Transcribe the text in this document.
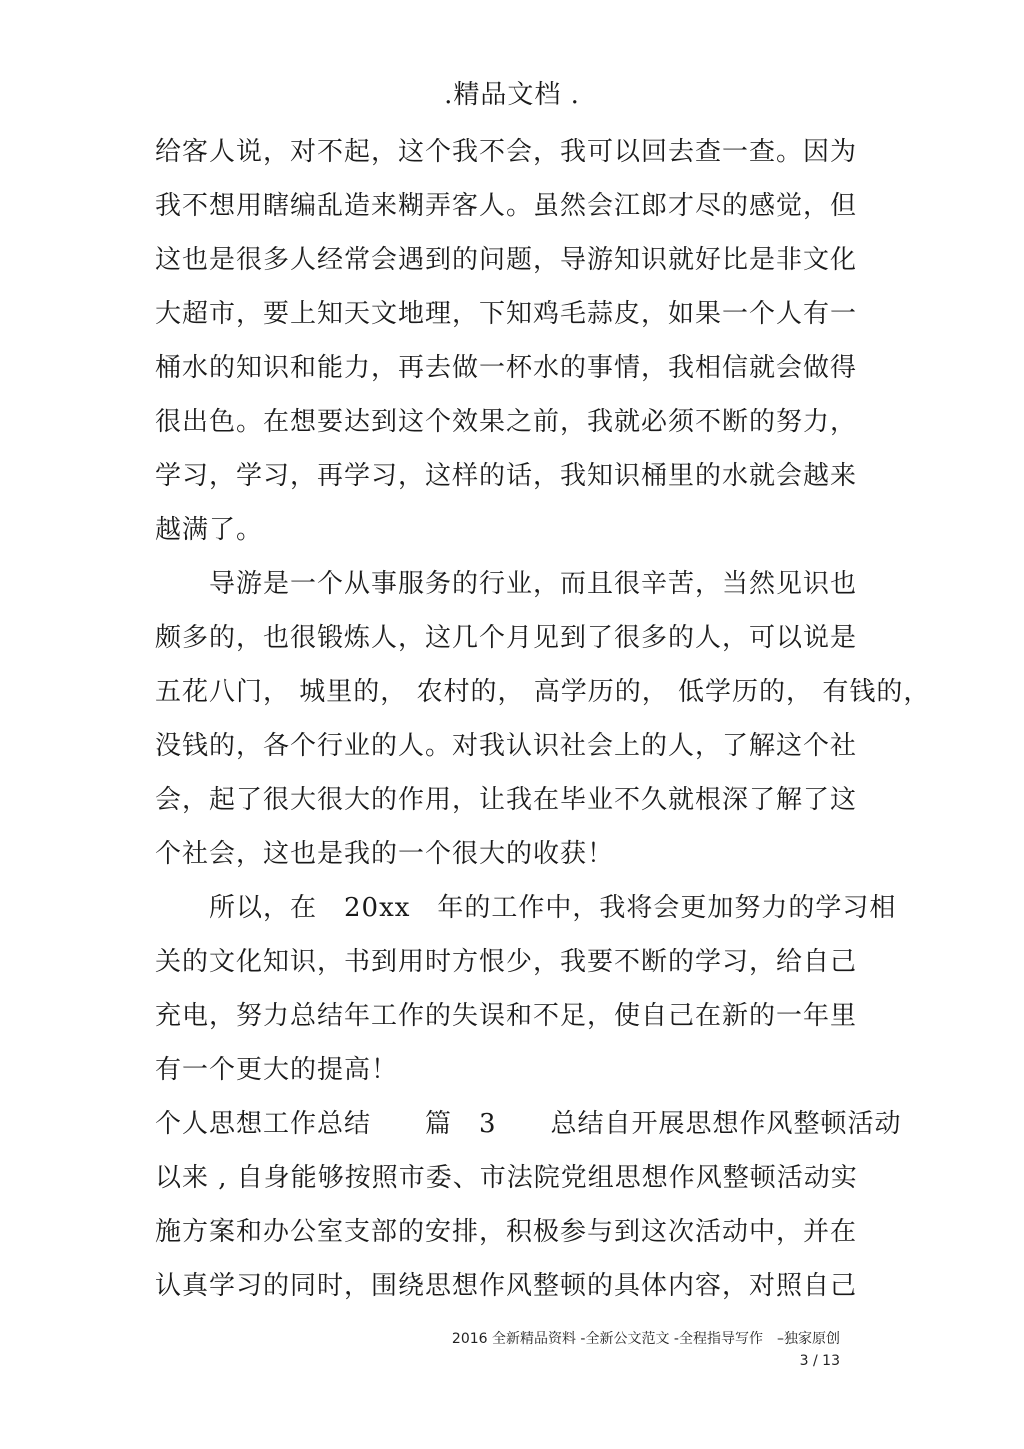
.精品文档 .
给客人说，对不起，这个我不会，我可以回去查一查。因为
我不想用瞎编乱造来糊弄客人。虽然会江郎才尽的感觉，但
这也是很多人经常会遇到的问题，导游知识就好比是非文化
大超市，要上知天文地理，下知鸡毛蒜皮，如果一个人有一
桶水的知识和能力，再去做一杯水的事情，我相信就会做得
很出色。在想要达到这个效果之前，我就必须不断的努力，
学习，学习，再学习，这样的话，我知识桶里的水就会越来
越满了。
　　导游是一个从事服务的行业，而且很辛苦，当然见识也
颇多的，也很锻炼人，这几个月见到了很多的人，可以说是
五花八门， 城里的， 农村的， 高学历的， 低学历的， 有钱的，
没钱的，各个行业的人。对我认识社会上的人，了解这个社
会，起了很大很大的作用，让我在毕业不久就根深了解了这
个社会，这也是我的一个很大的收获！
　　所以，在　20xx　年的工作中，我将会更加努力的学习相
关的文化知识，书到用时方恨少，我要不断的学习，给自己
充电，努力总结年工作的失误和不足，使自己在新的一年里
有一个更大的提高！
个人思想工作总结　　篇　3　　总结自开展思想作风整顿活动
以来 , 自身能够按照市委、市法院党组思想作风整顿活动实
施方案和办公室支部的安排，积极参与到这次活动中，并在
认真学习的同时，围绕思想作风整顿的具体内容，对照自己
2016 全新精品资料 -全新公文范文 -全程指导写作　–独家原创
3 / 13
